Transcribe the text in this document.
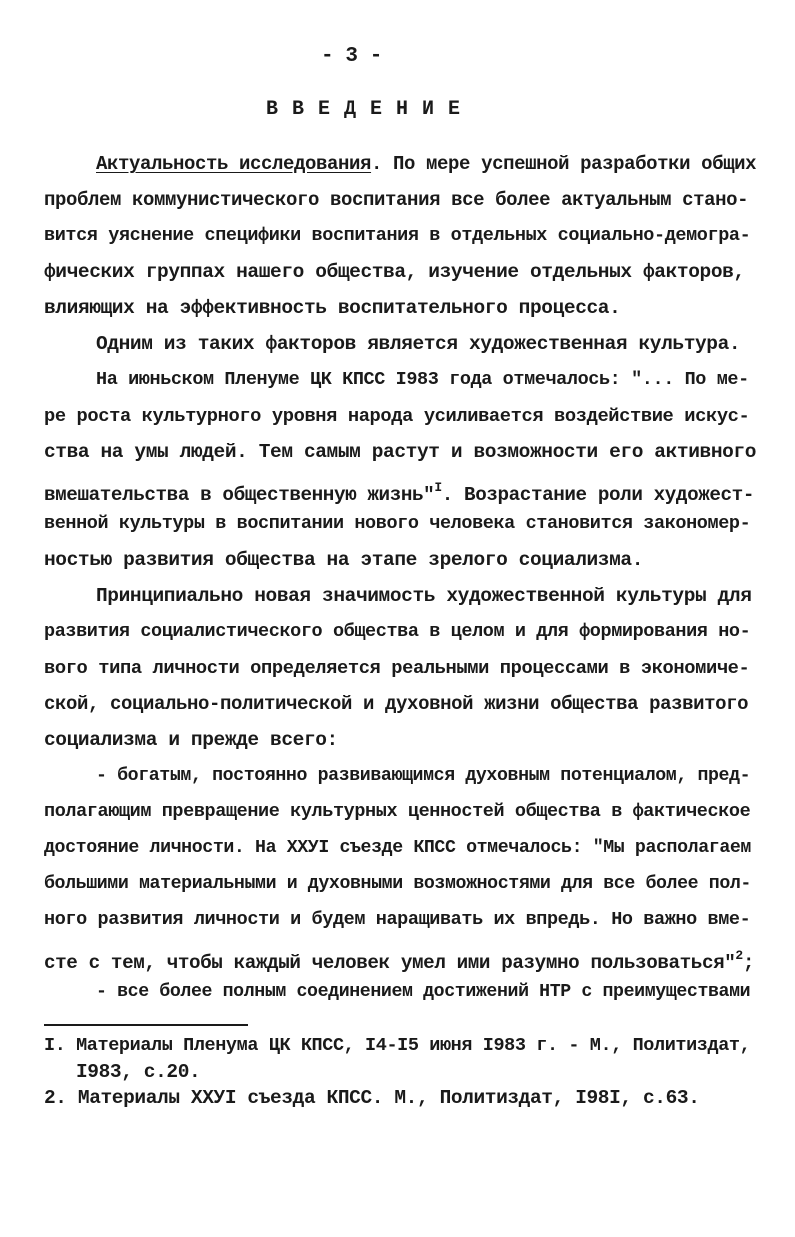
- 3 -
В В Е Д Е Н И Е
Актуальность исследования. По мере успешной разработки общих
проблем коммунистического воспитания все более актуальным стано-
вится уяснение специфики воспитания в отдельных социально-демогра-
фических группах нашего общества, изучение отдельных факторов,
влияющих на эффективность воспитательного процесса.
Одним из таких факторов является художественная культура.
На июньском Пленуме ЦК КПСС I983 года отмечалось: "... По ме-
ре роста культурного уровня народа усиливается воздействие искус-
ства на умы людей. Тем самым растут и возможности его активного
вмешательства в общественную жизнь"$^I$. Возрастание роли художест-
венной культуры в воспитании нового человека становится закономер-
ностью развития общества на этапе зрелого социализма.
Принципиально новая значимость художественной культуры для
развития социалистического общества в целом и для формирования но-
вого типа личности определяется реальными процессами в экономиче-
ской, социально-политической и духовной жизни общества развитого
социализма и прежде всего:
- богатым, постоянно развивающимся духовным потенциалом, пред-
полагающим превращение культурных ценностей общества в фактическое
достояние личности. На XXУI съезде КПСС отмечалось: "Мы располагаем
большими материальными и духовными возможностями для все более пол-
ного развития личности и будем наращивать их впредь. Но важно вме-
сте с тем, чтобы каждый человек умел ими разумно пользоваться"$^2$;
- все более полным соединением достижений НТР с преимуществами
I. Материалы Пленума ЦК КПСС, I4-I5 июня I983 г. - М., Политиздат,
I983, с.20.
2. Материалы XXУI съезда КПСС. М., Политиздат, I98I, с.63.
